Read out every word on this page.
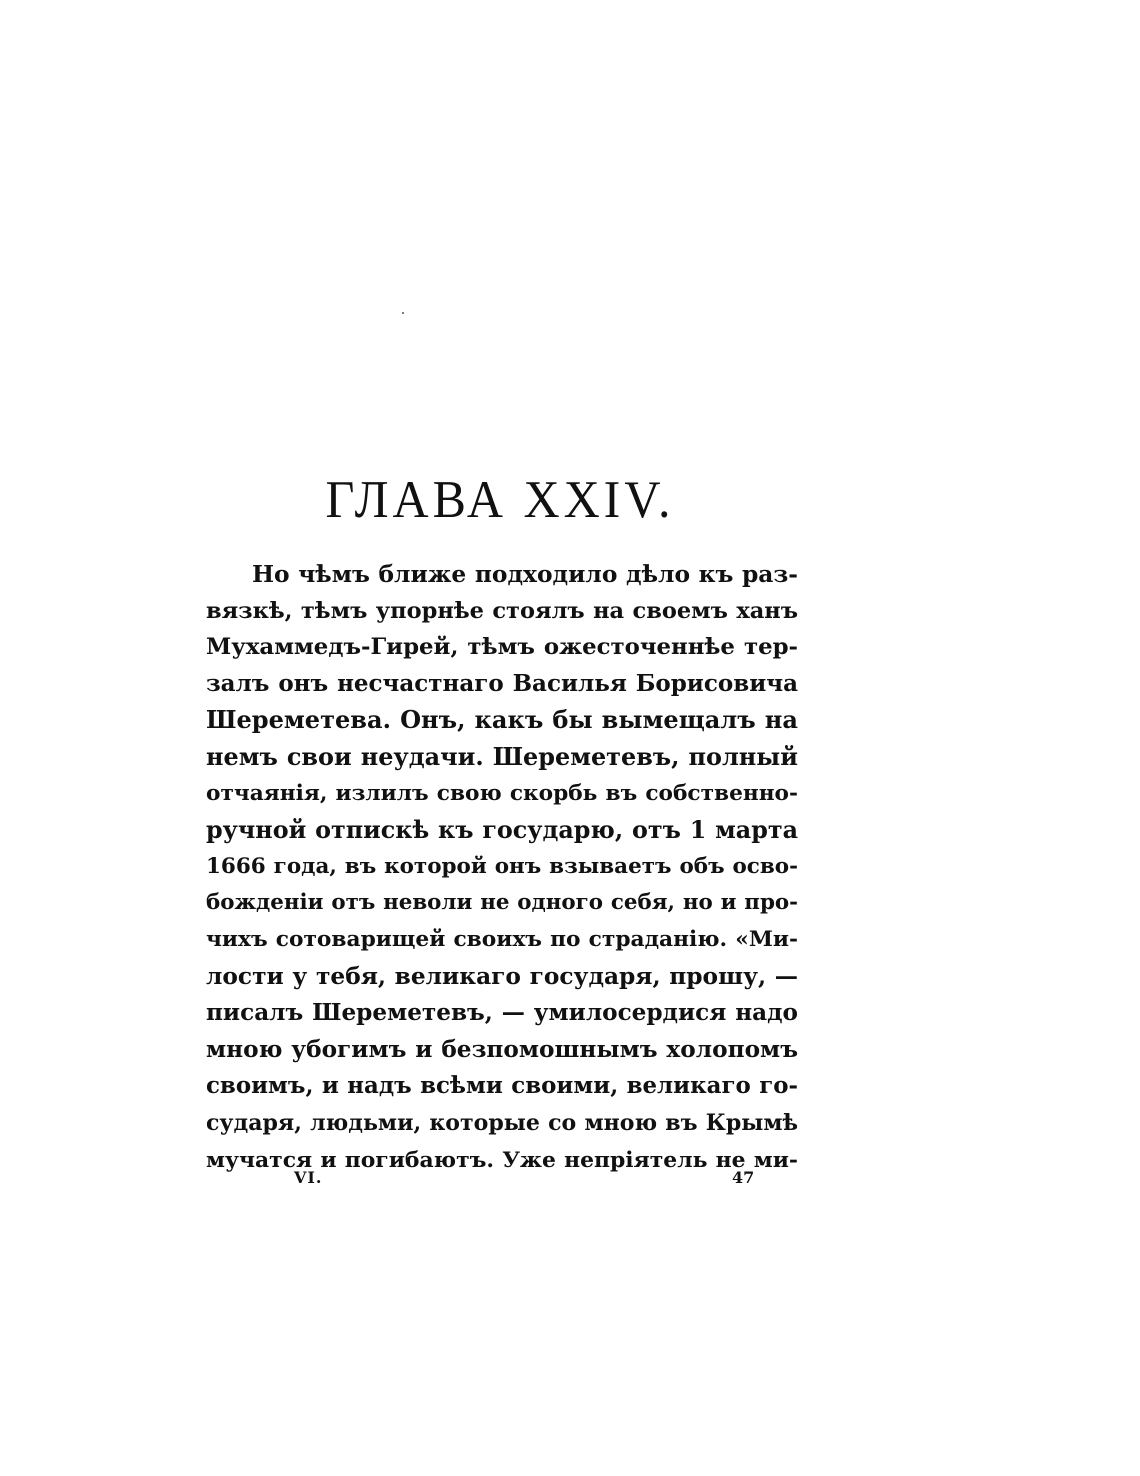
ГЛАВА XXIV.
Но чѣмъ ближе подходило дѣло къ раз-
вязкѣ, тѣмъ упорнѣе стоялъ на своемъ ханъ
Мухаммедъ-Гирей, тѣмъ ожесточеннѣе тер-
залъ онъ несчастнаго Василья Борисовича
Шереметева. Онъ, какъ бы вымещалъ на
немъ свои неудачи. Шереметевъ, полный
отчаянія, излилъ свою скорбь въ собственно-
ручной отпискѣ къ государю, отъ 1 марта
1666 года, въ которой онъ взываетъ объ осво-
божденіи отъ неволи не одного себя, но и про-
чихъ сотоварищей своихъ по страданію. «Ми-
лости у тебя, великаго государя, прошу, —
писалъ Шереметевъ, — умилосердися надо
мною убогимъ и безпомошнымъ холопомъ
своимъ, и надъ всѣми своими, великаго го-
сударя, людьми, которые со мною въ Крымѣ
мучатся и погибаютъ. Уже непріятель не ми-
VI.	47
